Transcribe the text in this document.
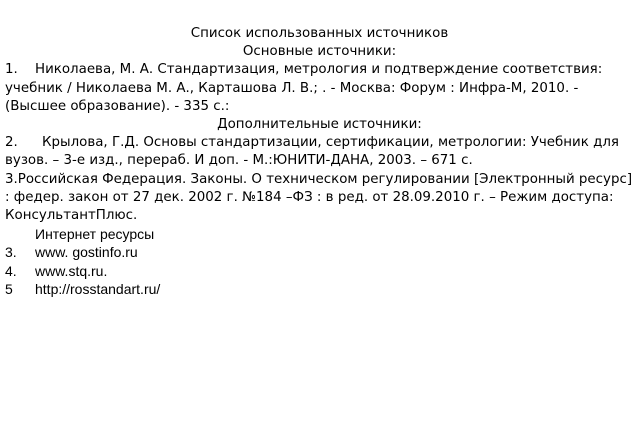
Список использованных источников
Основные источники:

1. Николаева, М. А. Стандартизация, метрология и подтверждение соответствия: учебник / Николаева М. А., Карташова Л. В.; . - Москва: Форум : Инфра-М, 2010. - (Высшее образование). - 335 с.:

Дополнительные источники:

2. Крылова, Г.Д. Основы стандартизации, сертификации, метрологии: Учебник для вузов. – 3-е изд., перераб. И доп. - М.:ЮНИТИ-ДАНА, 2003. – 671 с.

3.Российская Федерация. Законы. О техническом регулировании [Электронный ресурс] : федер. закон от 27 дек. 2002 г. №184 –ФЗ : в ред. от 28.09.2010 г. – Режим доступа: КонсультантПлюс.

Интернет ресурсы
3. www. gostinfo.ru
4. www.stq.ru.
5 http://rosstandart.ru/
